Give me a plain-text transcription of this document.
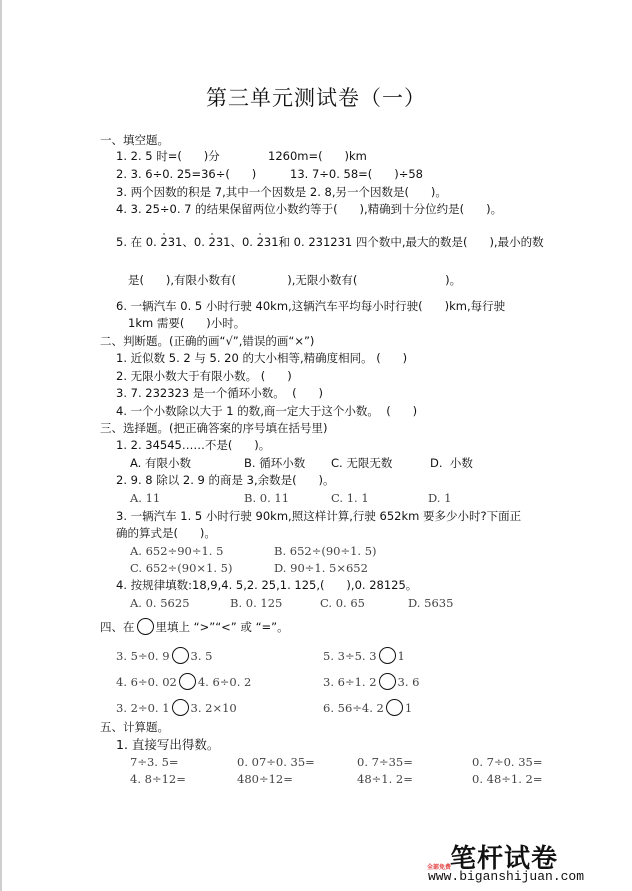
第三单元测试卷（一）
一、填空题。
1. 2. 5 时=(      )分	1260m=(      )km
2. 3. 6÷0. 25=36÷(      )	13. 7÷0. 58=(      )÷58
3. 两个因数的积是 7,其中一个因数是 2. 8,另一个因数是(      )。
4. 3. 25÷0. 7 的结果保留两位小数约等于(      ),精确到十分位约是(      )。
5. 在 0. 231、0. 231、0. 231和 0. 231231 四个数中,最大的数是(      ),最小的数
是(      ),有限小数有(              ),无限小数有(                        )。
6. 一辆汽车 0. 5 小时行驶 40km,这辆汽车平均每小时行驶(      )km,每行驶
1km 需要(      )小时。
二、判断题。(正确的画“√”,错误的画“×”)
1. 近似数 5. 2 与 5. 20 的大小相等,精确度相同。 (      )
2. 无限小数大于有限小数。 (      )
3. 7. 232323 是一个循环小数。  (      )
4. 一个小数除以大于 1 的数,商一定大于这个小数。  (      )
三、选择题。(把正确答案的序号填在括号里)
1. 2. 34545……不是(      )。
A. 有限小数	B. 循环小数 C. 无限无数	D.  小数
2. 9. 8 除以 2. 9 的商是 3,余数是(      )。
A. 11	B. 0. 11	C. 1. 1	D. 1
3. 一辆汽车 1. 5 小时行驶 90km,照这样计算,行驶 652km 要多少小时?下面正
确的算式是(      )。
A. 652÷90÷1. 5	B. 652÷(90÷1. 5)
C. 652÷(90×1. 5)	D. 90÷1. 5×652
4. 按规律填数:18,9,4. 5,2. 25,1. 125,(      ),0. 28125。
A. 0. 5625	B. 0. 125	C. 0. 65	D. 5635
四、在 里填上 “>”“<” 或 “=”。
3. 5÷0. 9 3. 5	5. 3÷5. 3 1
4. 6÷0. 02 4. 6÷0. 2	3. 6÷1. 2 3. 6
3. 2÷0. 1 3. 2×10	6. 56÷4. 2 1
五、计算题。
1. 直接写出得数。
7÷3. 5=	0. 07÷0. 35=	0. 7÷35=	0. 7÷0. 35=
4. 8÷12=	480÷12=	48÷1. 2=	0. 48÷1. 2=
笔杆试卷
全部免费
www.biganshijuan.com
